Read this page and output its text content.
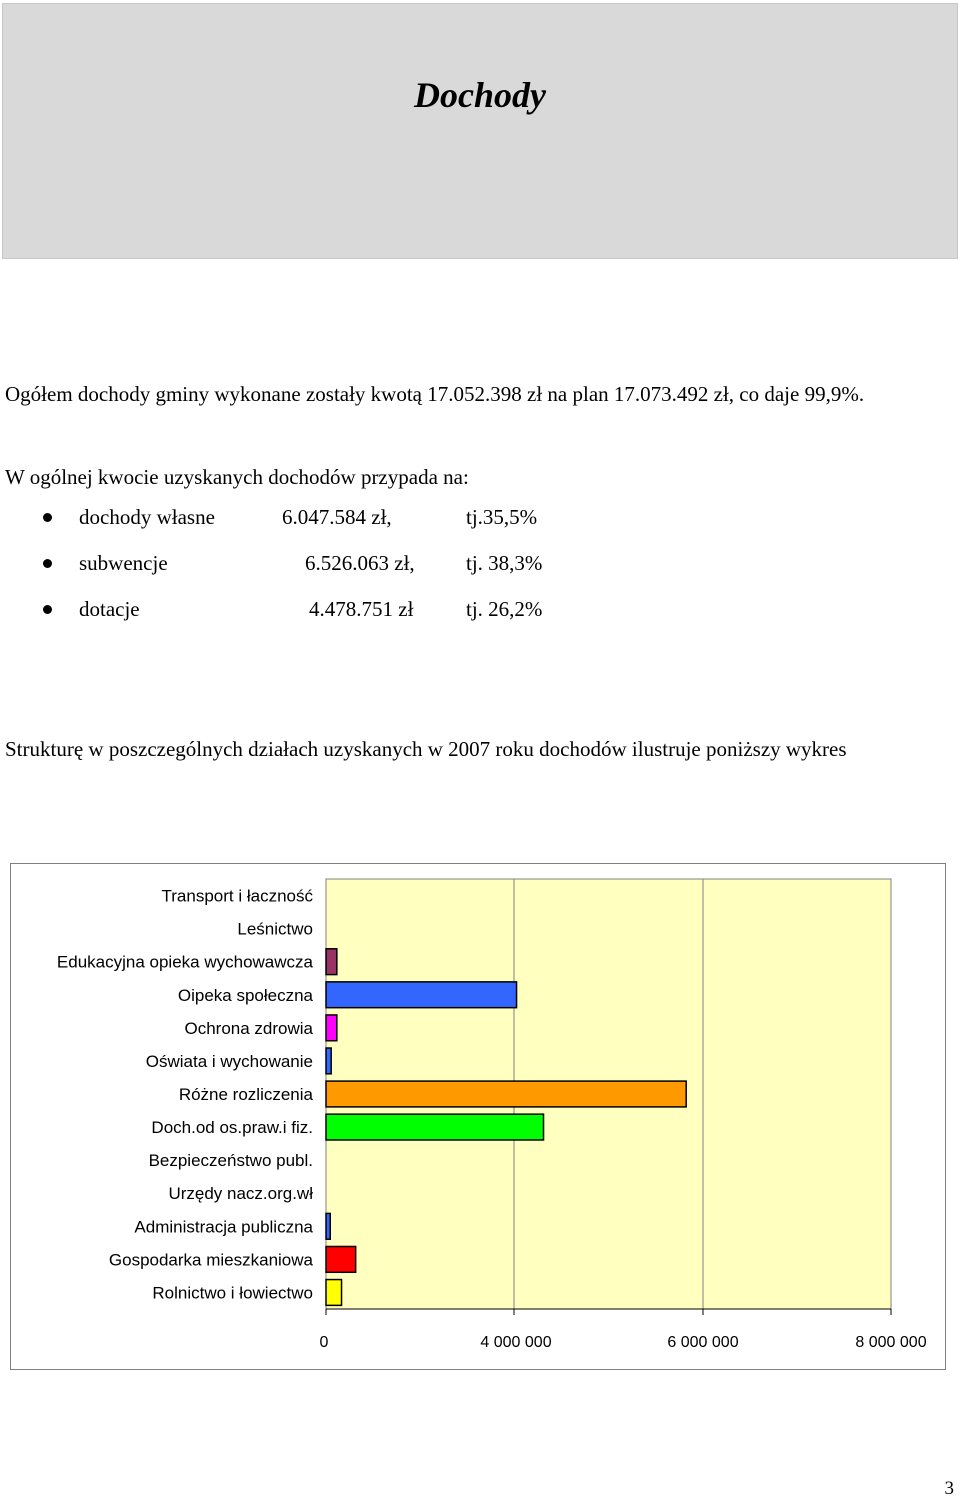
Dochody
Ogółem dochody gminy wykonane zostały kwotą 17.052.398 zł na plan 17.073.492 zł, co daje 99,9%.
W ogólnej kwocie uzyskanych dochodów przypada na:
dochody własne	6.047.584 zł,	tj.35,5%
subwencje	6.526.063 zł, tj. 38,3%
dotacje	4.478.751 zł	tj. 26,2%
Strukturę w poszczególnych działach uzyskanych w 2007 roku dochodów ilustruje poniższy wykres
0	4 000 000	6 000 000	8 000 000
Transport i łaczność
Leśnictwo
Edukacyjna opieka wychowawcza
Oipeka społeczna
Ochrona zdrowia
Oświata i wychowanie
Różne rozliczenia
Doch.od os.praw.i fiz.
Bezpieczeństwo publ.
Urzędy nacz.org.wł
Administracja publiczna
Gospodarka mieszkaniowa
Rolnictwo i łowiectwo
3
